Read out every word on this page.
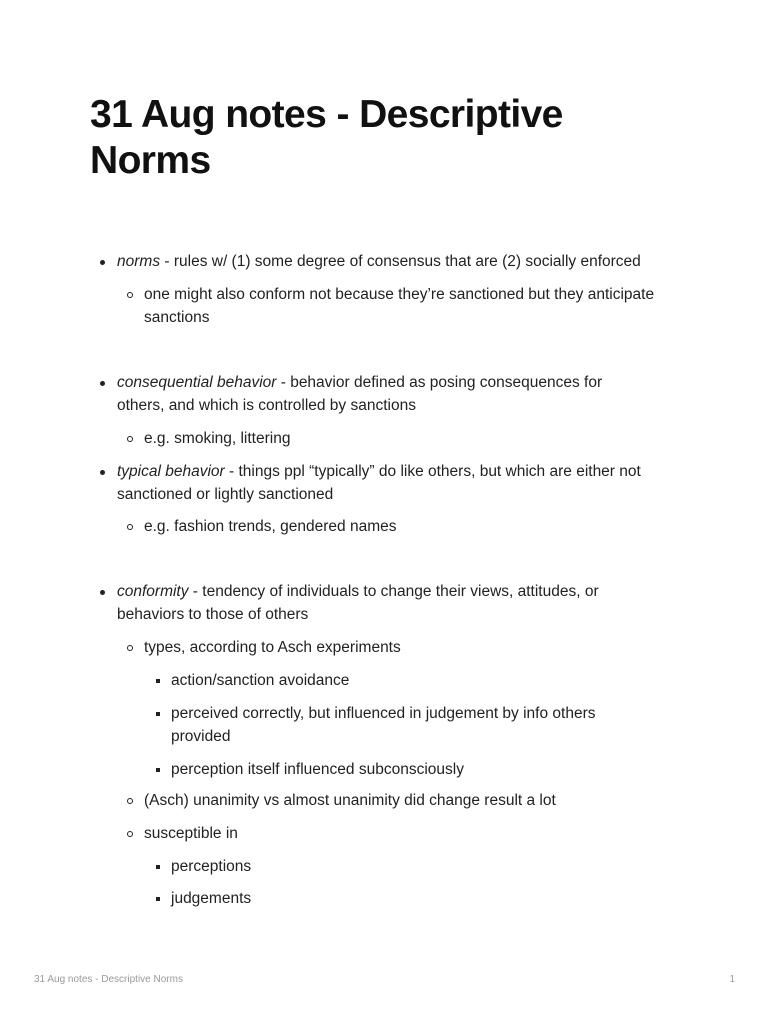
31 Aug notes - Descriptive Norms
norms - rules w/ (1) some degree of consensus that are (2) socially enforced
one might also conform not because they’re sanctioned but they anticipate sanctions
consequential behavior - behavior defined as posing consequences for others, and which is controlled by sanctions
e.g. smoking, littering
typical behavior - things ppl “typically” do like others, but which are either not sanctioned or lightly sanctioned
e.g. fashion trends, gendered names
conformity - tendency of individuals to change their views, attitudes, or behaviors to those of others
types, according to Asch experiments
action/sanction avoidance
perceived correctly, but influenced in judgement by info others provided
perception itself influenced subconsciously
(Asch) unanimity vs almost unanimity did change result a lot
susceptible in
perceptions
judgements
31 Aug notes - Descriptive Norms	1
